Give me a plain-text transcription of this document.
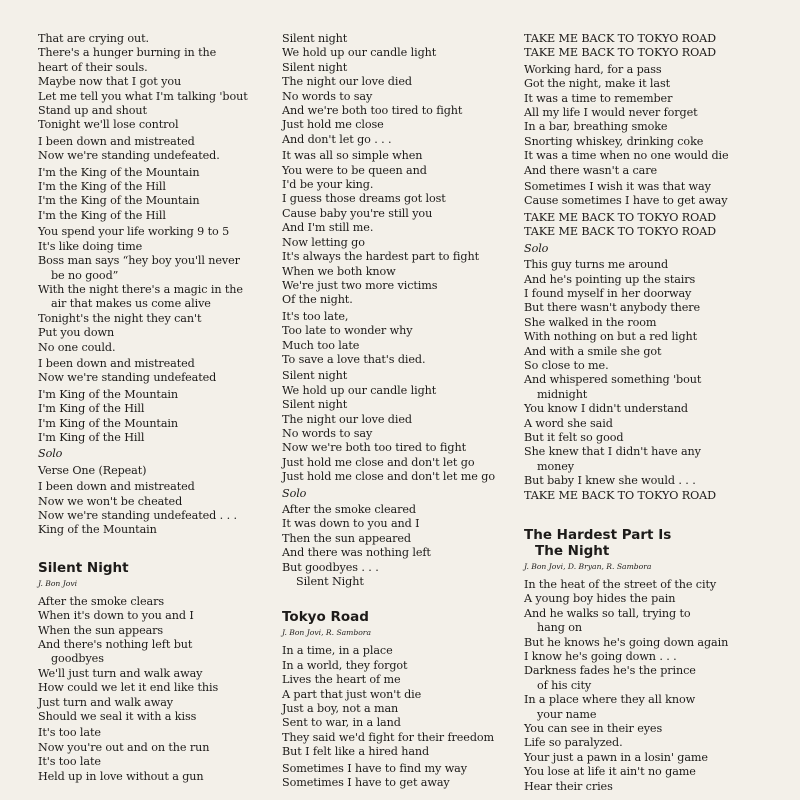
That are crying out.
There's a hunger burning in the
heart of their souls.
Maybe now that I got you
Let me tell you what I'm talking 'bout
Stand up and shout
Tonight we'll lose control
I been down and mistreated
Now we're standing undefeated.
I'm the King of the Mountain
I'm the King of the Hill
I'm the King of the Mountain
I'm the King of the Hill
You spend your life working 9 to 5
It's like doing time
Boss man says “hey boy you'll never
be no good”
With the night there's a magic in the
air that makes us come alive
Tonight's the night they can't
Put you down
No one could.
I been down and mistreated
Now we're standing undefeated
I'm King of the Mountain
I'm King of the Hill
I'm King of the Mountain
I'm King of the Hill
Solo
Verse One (Repeat)
I been down and mistreated
Now we won't be cheated
Now we're standing undefeated . . .
King of the Mountain
Silent Night
J. Bon Jovi
After the smoke clears
When it's down to you and I
When the sun appears
And there's nothing left but
goodbyes
We'll just turn and walk away
How could we let it end like this
Just turn and walk away
Should we seal it with a kiss
It's too late
Now you're out and on the run
It's too late
Held up in love without a gun
Silent night
We hold up our candle light
Silent night
The night our love died
No words to say
And we're both too tired to fight
Just hold me close
And don't let go . . .
It was all so simple when
You were to be queen and
I'd be your king.
I guess those dreams got lost
Cause baby you're still you
And I'm still me.
Now letting go
It's always the hardest part to fight
When we both know
We're just two more victims
Of the night.
It's too late,
Too late to wonder why
Much too late
To save a love that's died.
Silent night
We hold up our candle light
Silent night
The night our love died
No words to say
Now we're both too tired to fight
Just hold me close and don't let go
Just hold me close and don't let me go
Solo
After the smoke cleared
It was down to you and I
Then the sun appeared
And there was nothing left
But goodbyes . . .
Silent Night
Tokyo Road
J. Bon Jovi, R. Sambora
In a time, in a place
In a world, they forgot
Lives the heart of me
A part that just won't die
Just a boy, not a man
Sent to war, in a land
They said we'd fight for their freedom
But I felt like a hired hand
Sometimes I have to find my way
Sometimes I have to get away
TAKE ME BACK TO TOKYO ROAD
TAKE ME BACK TO TOKYO ROAD
Working hard, for a pass
Got the night, make it last
It was a time to remember
All my life I would never forget
In a bar, breathing smoke
Snorting whiskey, drinking coke
It was a time when no one would die
And there wasn't a care
Sometimes I wish it was that way
Cause sometimes I have to get away
TAKE ME BACK TO TOKYO ROAD
TAKE ME BACK TO TOKYO ROAD
Solo
This guy turns me around
And he's pointing up the stairs
I found myself in her doorway
But there wasn't anybody there
She walked in the room
With nothing on but a red light
And with a smile she got
So close to me.
And whispered something 'bout
midnight
You know I didn't understand
A word she said
But it felt so good
She knew that I didn't have any
money
But baby I knew she would . . .
TAKE ME BACK TO TOKYO ROAD
The Hardest Part Is
The Night
J. Bon Jovi, D. Bryan, R. Sambora
In the heat of the street of the city
A young boy hides the pain
And he walks so tall, trying to
hang on
But he knows he's going down again
I know he's going down . . .
Darkness fades he's the prince
of his city
In a place where they all know
your name
You can see in their eyes
Life so paralyzed.
Your just a pawn in a losin' game
You lose at life it ain't no game
Hear their cries
